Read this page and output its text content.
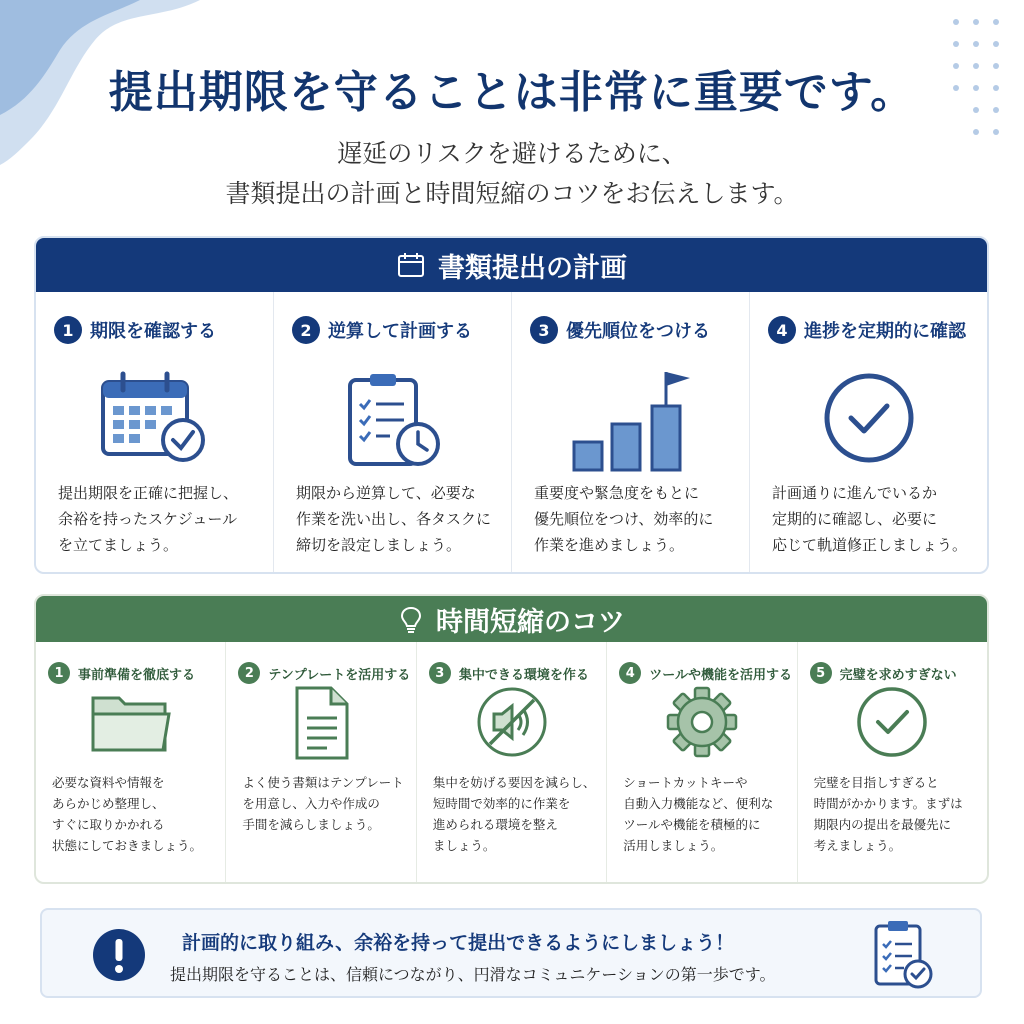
提出期限を守ることは非常に重要です。
遅延のリスクを避けるために、
書類提出の計画と時間短縮のコツをお伝えします。
書類提出の計画
1 期限を確認する
提出期限を正確に把握し、
余裕を持ったスケジュール
を立てましょう。
2 逆算して計画する
期限から逆算して、必要な
作業を洗い出し、各タスクに
締切を設定しましょう。
3 優先順位をつける
重要度や緊急度をもとに
優先順位をつけ、効率的に
作業を進めましょう。
4 進捗を定期的に確認
計画通りに進んでいるか
定期的に確認し、必要に
応じて軌道修正しましょう。
時間短縮のコツ
1	事前準備を徹底する
必要な資料や情報を
あらかじめ整理し、
すぐに取りかかれる
状態にしておきましょう。
2	テンプレートを活用する
よく使う書類はテンプレート
を用意し、入力や作成の
手間を減らしましょう。
3	集中できる環境を作る
集中を妨げる要因を減らし、
短時間で効率的に作業を
進められる環境を整え
ましょう。
4	ツールや機能を活用する
ショートカットキーや
自動入力機能など、便利な
ツールや機能を積極的に
活用しましょう。
5	完璧を求めすぎない
完璧を目指しすぎると
時間がかかります。まずは
期限内の提出を最優先に
考えましょう。
計画的に取り組み、余裕を持って提出できるようにしましょう！
提出期限を守ることは、信頼につながり、円滑なコミュニケーションの第一歩です。
